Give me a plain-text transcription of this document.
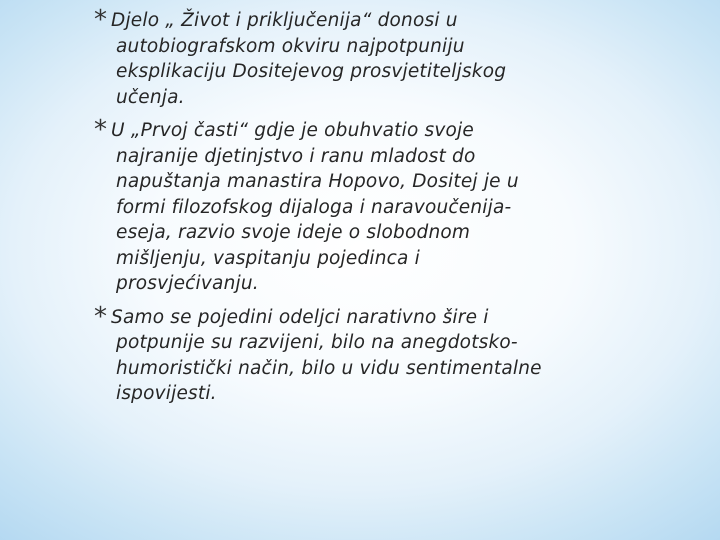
* Djelo „ Život i priključenija“ donosi u
autobiografskom okviru najpotpuniju
eksplikaciju Dositejevog prosvjetiteljskog
učenja.
* U „Prvoj časti“ gdje je obuhvatio svoje
najranije djetinjstvo i ranu mladost do
napuštanja manastira Hopovo, Dositej je u
formi filozofskog dijaloga i naravoučenija-
eseja, razvio svoje ideje o slobodnom
mišljenju, vaspitanju pojedinca i
prosvjećivanju.
* Samo se pojedini odeljci narativno šire i
potpunije su razvijeni, bilo na anegdotsko-
humoristički način, bilo u vidu sentimentalne
ispovijesti.
